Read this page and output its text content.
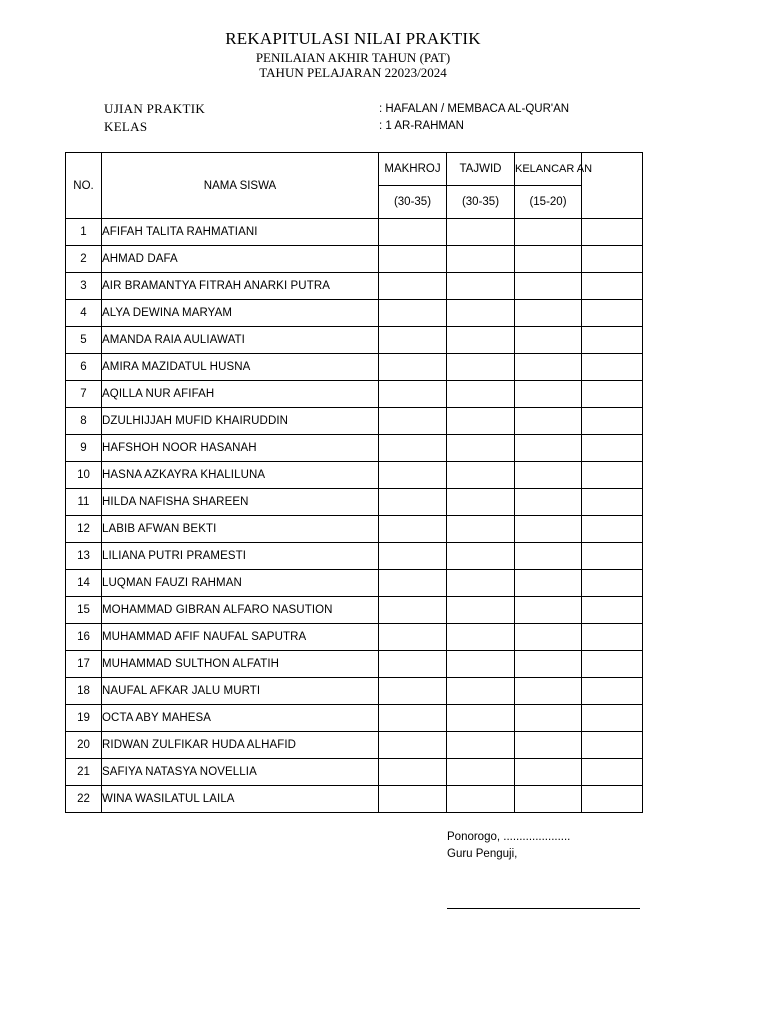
REKAPITULASI NILAI PRAKTIK
PENILAIAN AKHIR TAHUN (PAT)
TAHUN PELAJARAN 22023/2024
UJIAN PRAKTIK	: HAFALAN / MEMBACA AL-QUR'AN
KELAS	: 1 AR-RAHMAN
NO.	NAMA SISWA	MAKHROJ	TAJWID	KELANCAR AN	
		(30-35)	(30-35)	(15-20)	
1	AFIFAH TALITA RAHMATIANI				
2	AHMAD DAFA				
3	AIR BRAMANTYA FITRAH ANARKI PUTRA				
4	ALYA DEWINA MARYAM				
5	AMANDA RAIA AULIAWATI				
6	AMIRA MAZIDATUL HUSNA				
7	AQILLA NUR AFIFAH				
8	DZULHIJJAH MUFID KHAIRUDDIN				
9	HAFSHOH NOOR HASANAH				
10	HASNA AZKAYRA KHALILUNA				
11	HILDA NAFISHA SHAREEN				
12	LABIB AFWAN BEKTI				
13	LILIANA PUTRI PRAMESTI				
14	LUQMAN FAUZI RAHMAN				
15	MOHAMMAD GIBRAN ALFARO NASUTION				
16	MUHAMMAD AFIF NAUFAL SAPUTRA				
17	MUHAMMAD SULTHON ALFATIH				
18	NAUFAL AFKAR JALU MURTI				
19	OCTA ABY MAHESA				
20	RIDWAN ZULFIKAR HUDA ALHAFID				
21	SAFIYA NATASYA NOVELLIA				
22	WINA WASILATUL LAILA				
Ponorogo, .....................
Guru Penguji,
